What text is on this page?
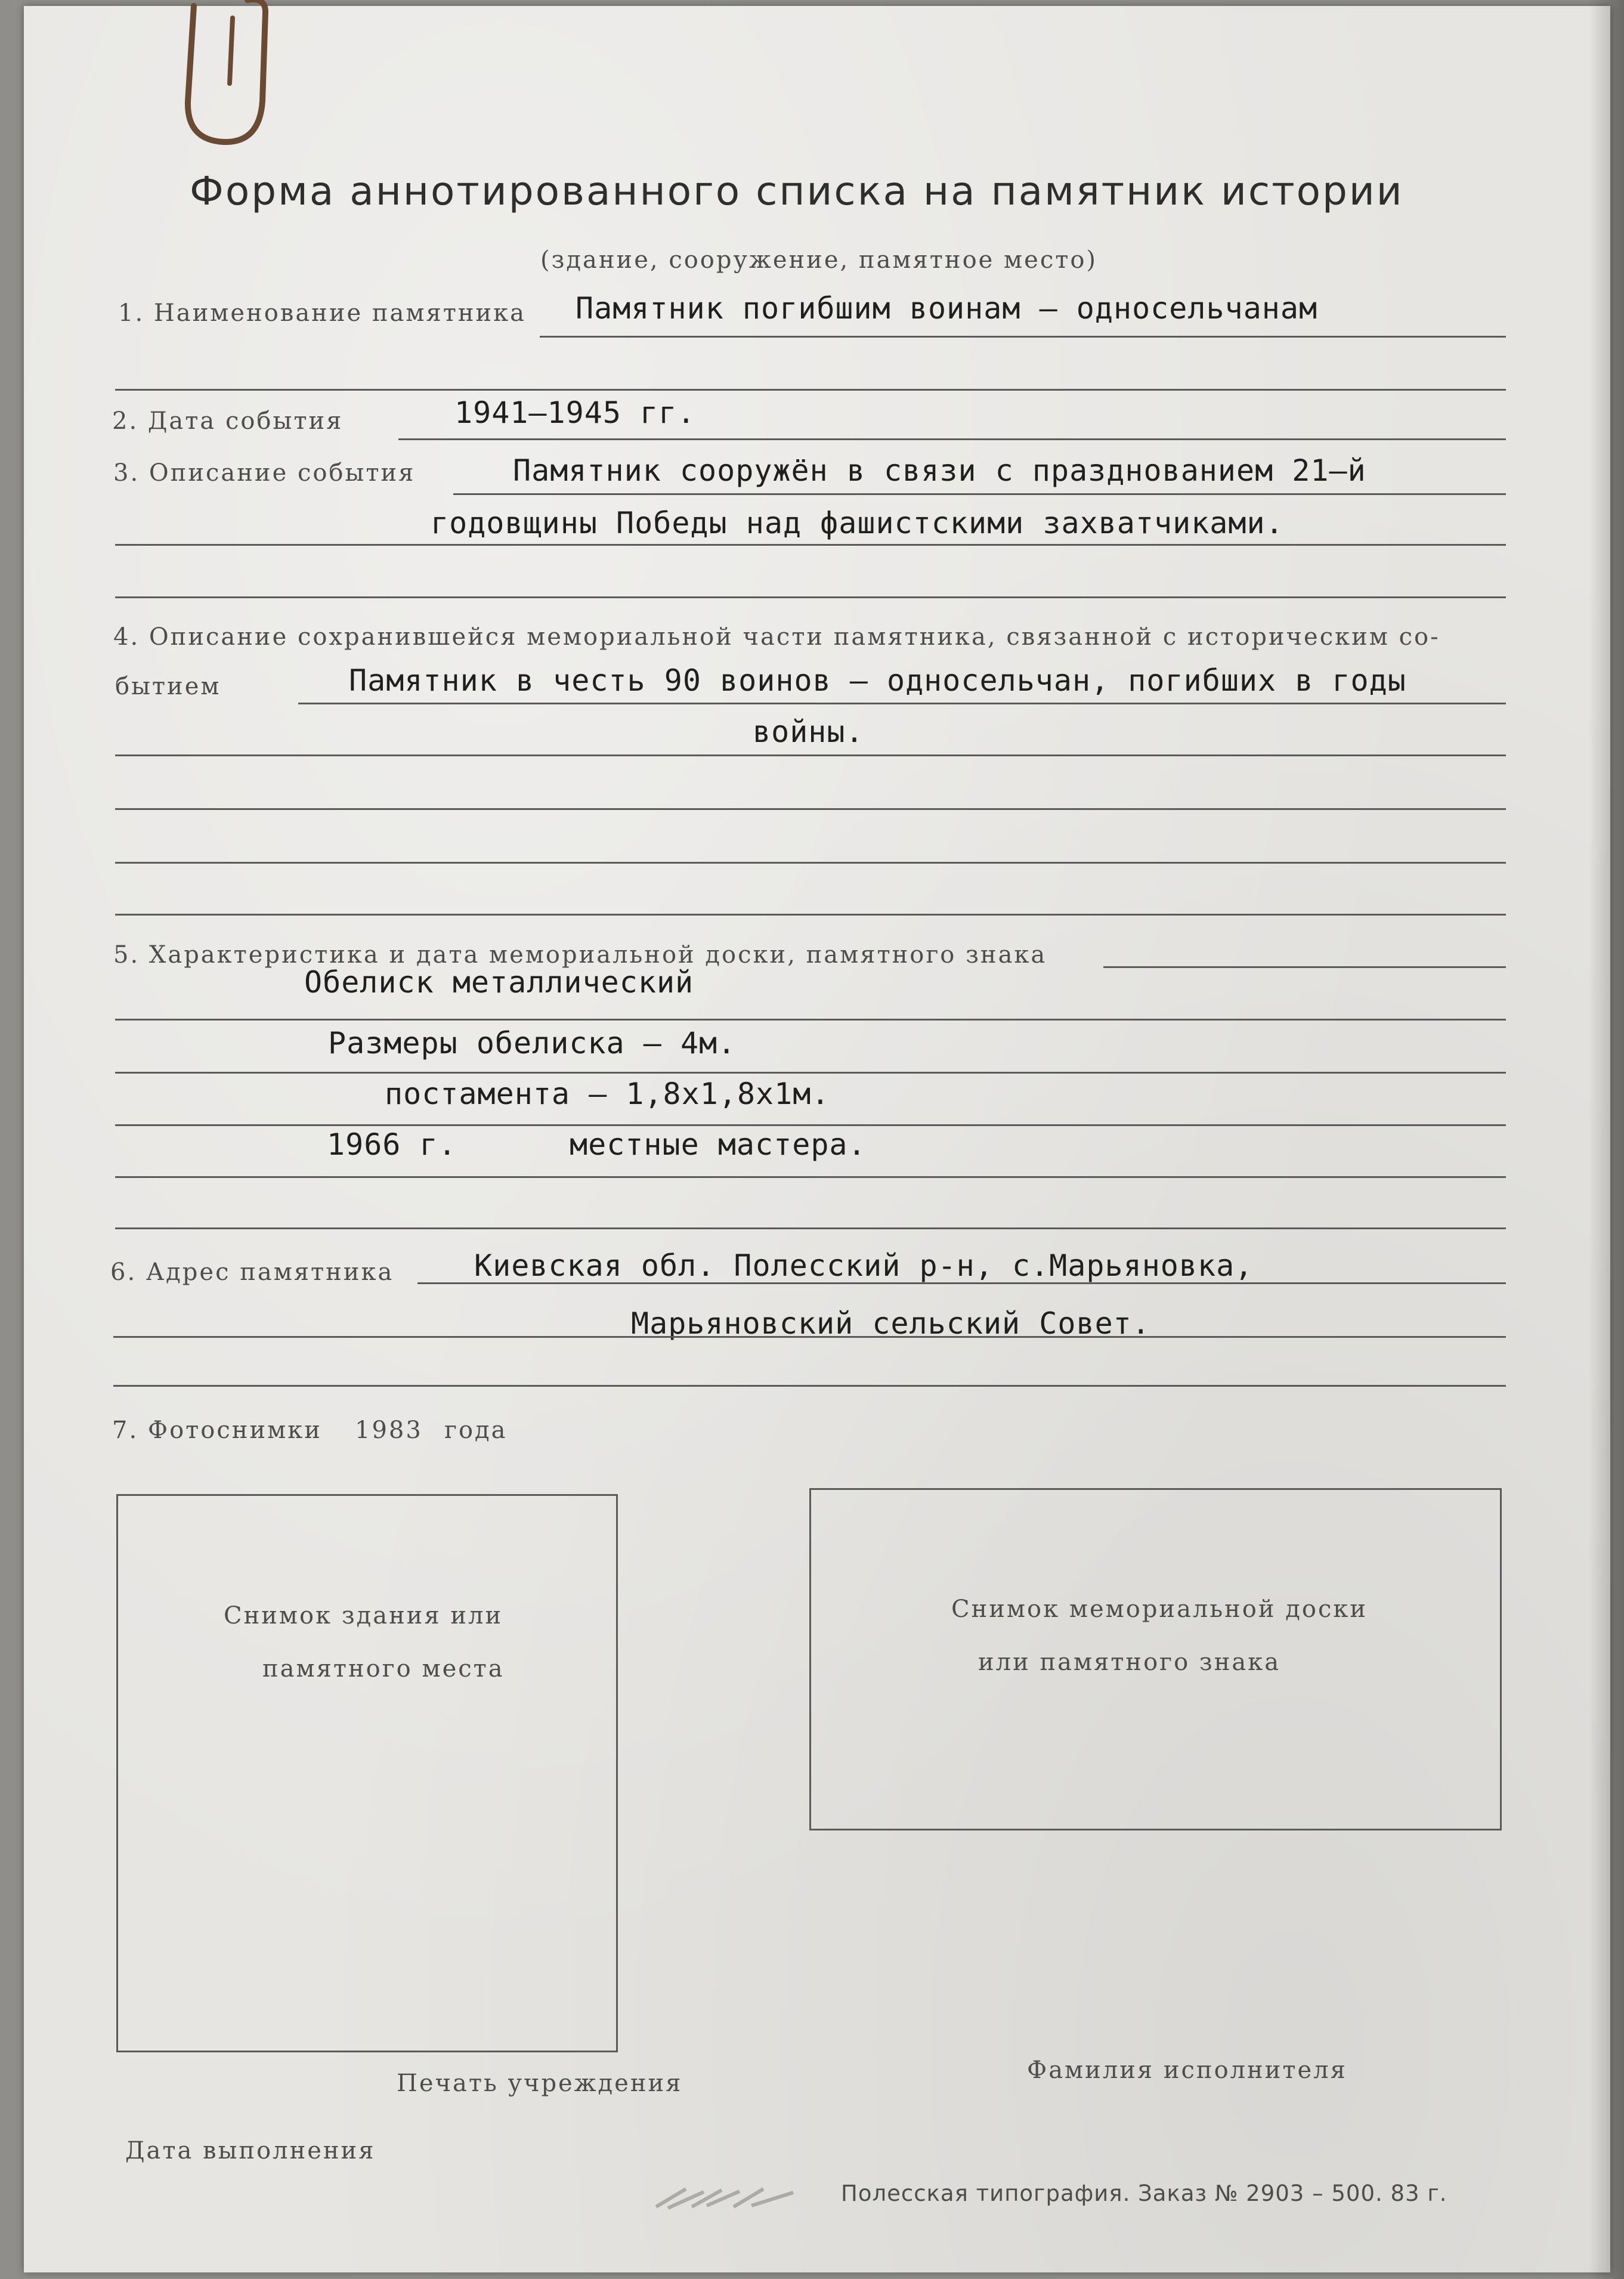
Форма аннотированного списка на памятник истории
(здание, сооружение, памятное место)
1. Наименование памятника Памятник погибшим воинам – односельчанам
2. Дата события	1941–1945 гг.
3. Описание события	Памятник сооружён в связи с празднованием 21–й
годовщины Победы над фашистскими захватчиками.
4. Описание сохранившейся мемориальной части памятника, связанной с историческим со-
бытием	Памятник в честь 90 воинов – односельчан, погибших в годы
войны.
5. Характеристика и дата мемориальной доски, памятного знака
Обелиск металлический
Размеры обелиска – 4м.
постамента – 1,8х1,8х1м.
1966 г.	местные мастера.
6. Адрес памятника	Киевская обл. Полесский р-н, с.Марьяновка,
Марьяновский сельский Совет.
7. Фотоснимки 1983 года
Снимок здания или
памятного места
Снимок мемориальной доски
или памятного знака
Печать учреждения	Фамилия исполнителя
Дата выполнения
Полесская типография. Заказ № 2903 – 500. 83 г.
